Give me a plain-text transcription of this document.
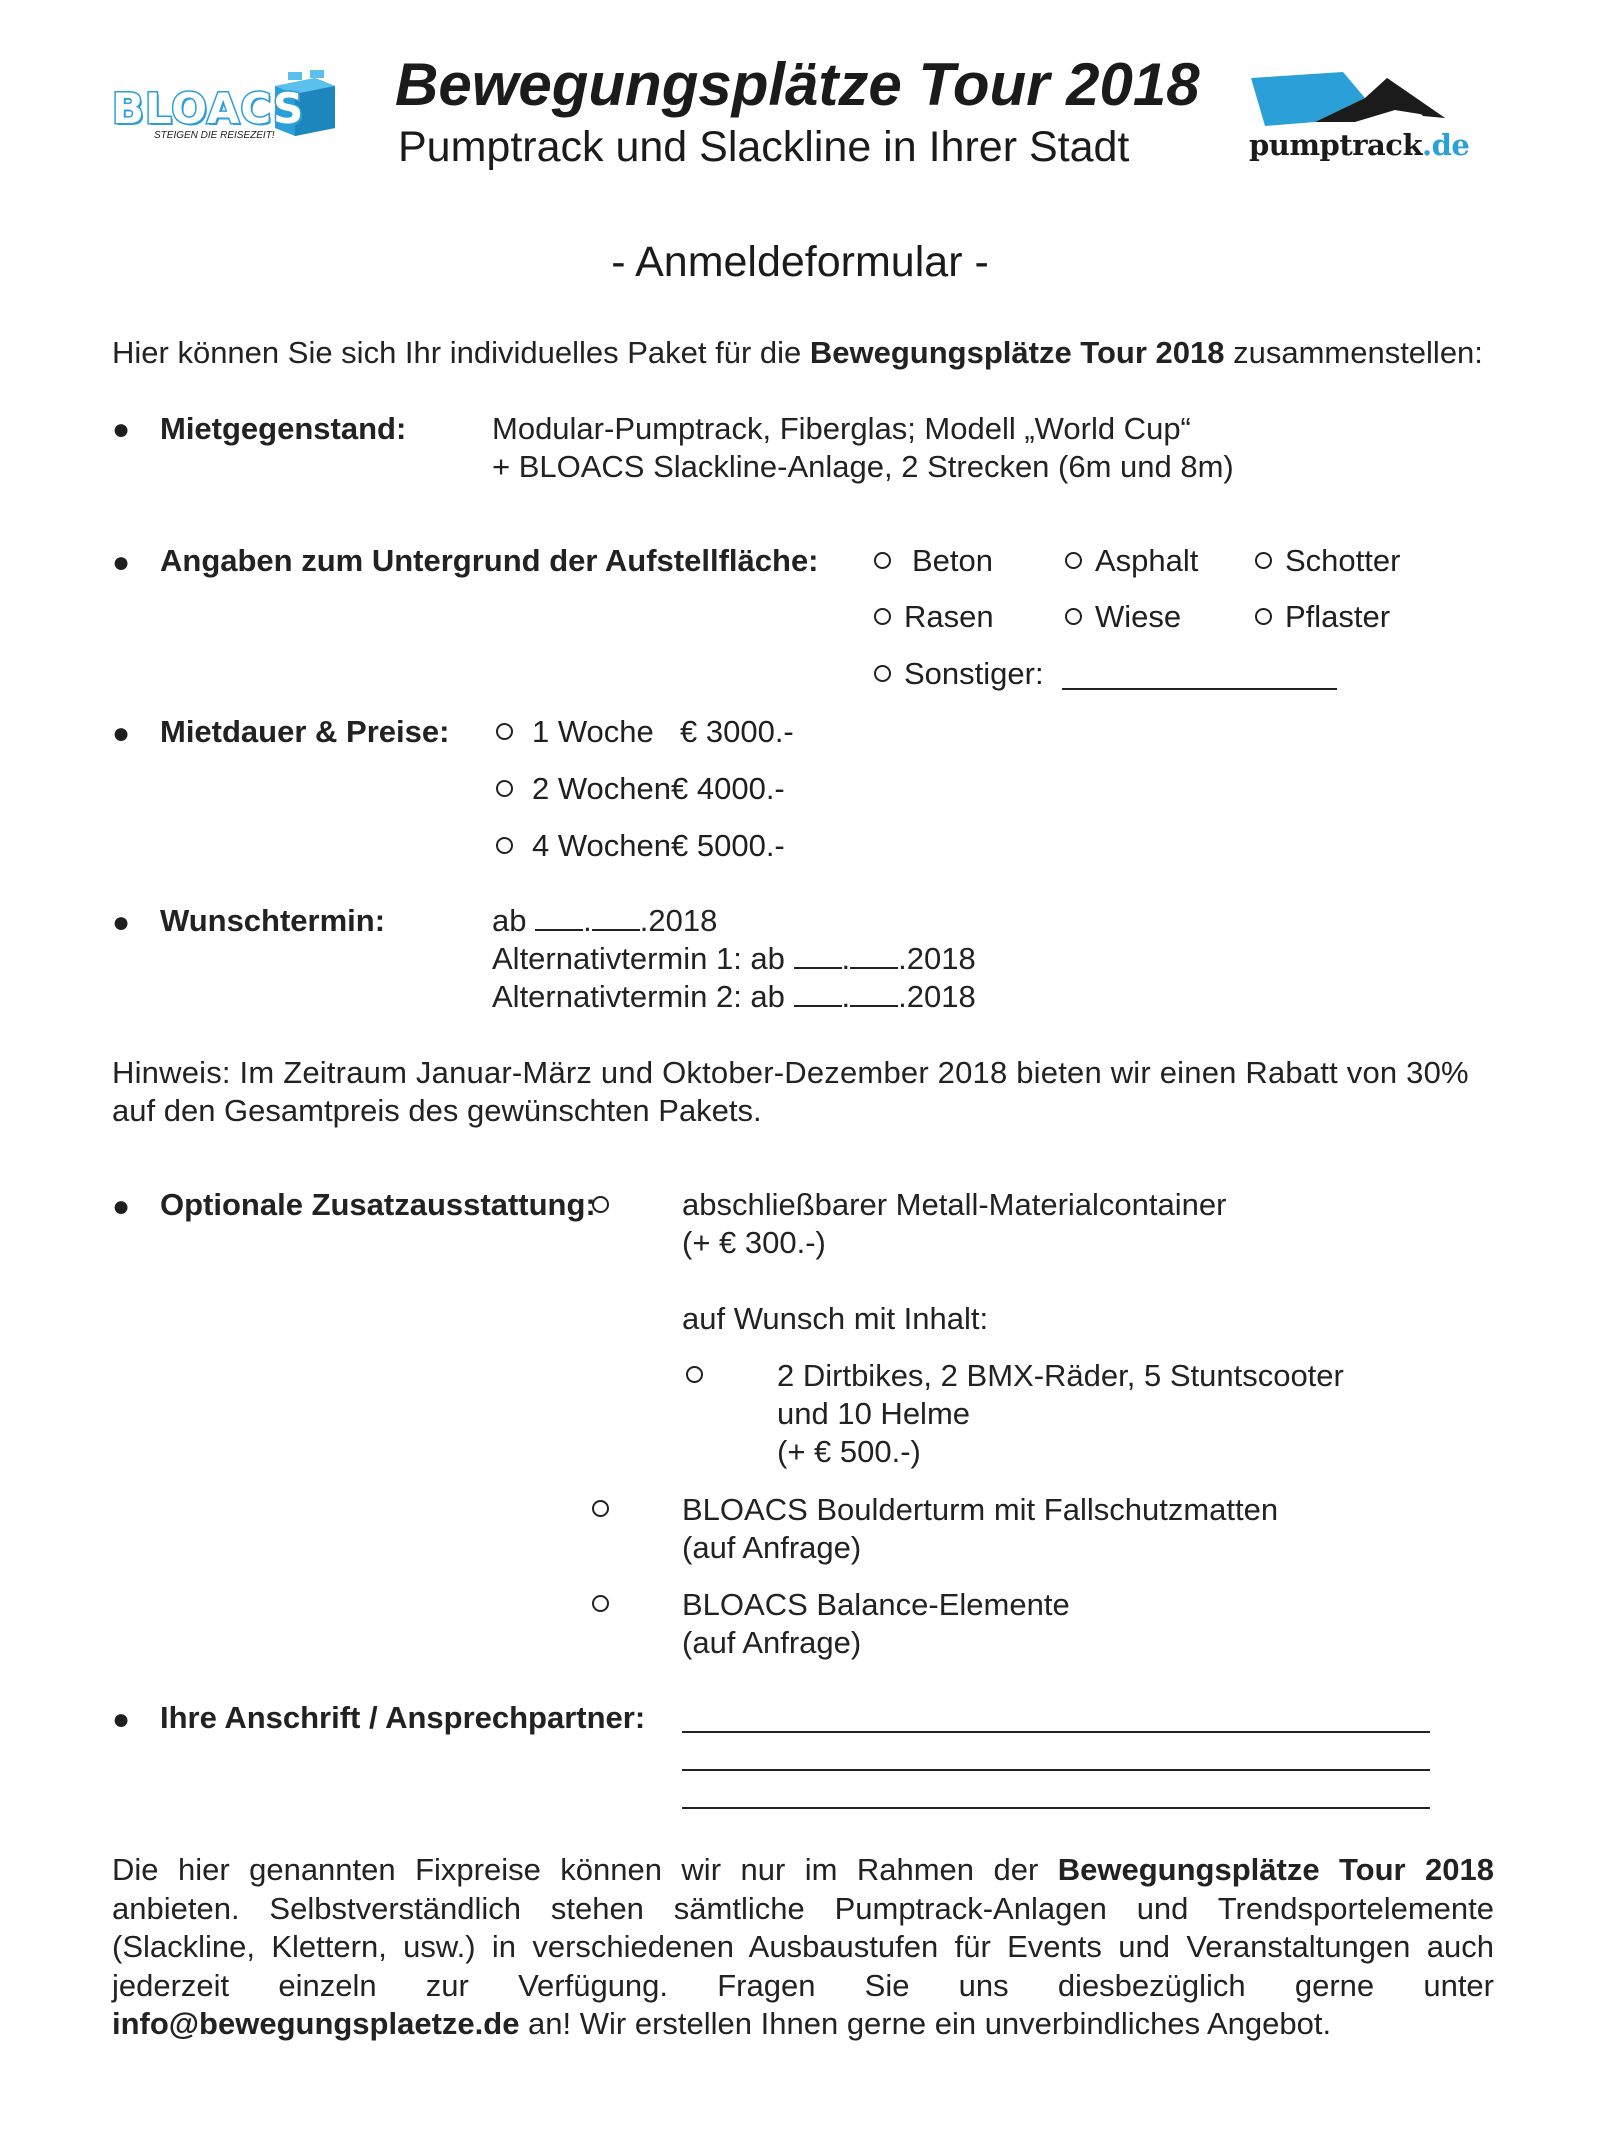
BLOACS
STEIGEN DIE REISEZEIT!
Bewegungsplätze Tour 2018
Pumptrack und Slackline in Ihrer Stadt	pumptrack.de
- Anmeldeformular -
Hier können Sie sich Ihr individuelles Paket für die Bewegungsplätze Tour 2018 zusammenstellen:
● Mietgegenstand:	Modular-Pumptrack, Fiberglas; Modell „World Cup“
+ BLOACS Slackline-Anlage, 2 Strecken (6m und 8m)
● Angaben zum Untergrund der Aufstellfläche:	Beton	Asphalt	Schotter
Rasen	Wiese	Pflaster
Sonstiger:
● Mietdauer & Preise:	1 Woche € 3000.-
2 Wochen € 4000.-
4 Wochen € 5000.-
● Wunschtermin:	ab . .2018
Alternativtermin 1: ab . .2018
Alternativtermin 2: ab . .2018
Hinweis: Im Zeitraum Januar-März und Oktober-Dezember 2018 bieten wir einen Rabatt von 30%
auf den Gesamtpreis des gewünschten Pakets.
● Optionale Zusatzausstattung:	abschließbarer Metall-Materialcontainer
(+ € 300.-)
auf Wunsch mit Inhalt:
2 Dirtbikes, 2 BMX-Räder, 5 Stuntscooter
und 10 Helme
(+ € 500.-)
BLOACS Boulderturm mit Fallschutzmatten
(auf Anfrage)
BLOACS Balance-Elemente
(auf Anfrage)
● Ihre Anschrift / Ansprechpartner:
Die hier genannten Fixpreise können wir nur im Rahmen der Bewegungsplätze Tour 2018 anbieten. Selbstverständlich stehen sämtliche Pumptrack-Anlagen und Trendsportelemente (Slackline, Klettern, usw.) in verschiedenen Ausbaustufen für Events und Veranstaltungen auch jederzeit einzeln zur Verfügung. Fragen Sie uns diesbezüglich gerne unter info@bewegungsplaetze.de an! Wir erstellen Ihnen gerne ein unverbindliches Angebot.
